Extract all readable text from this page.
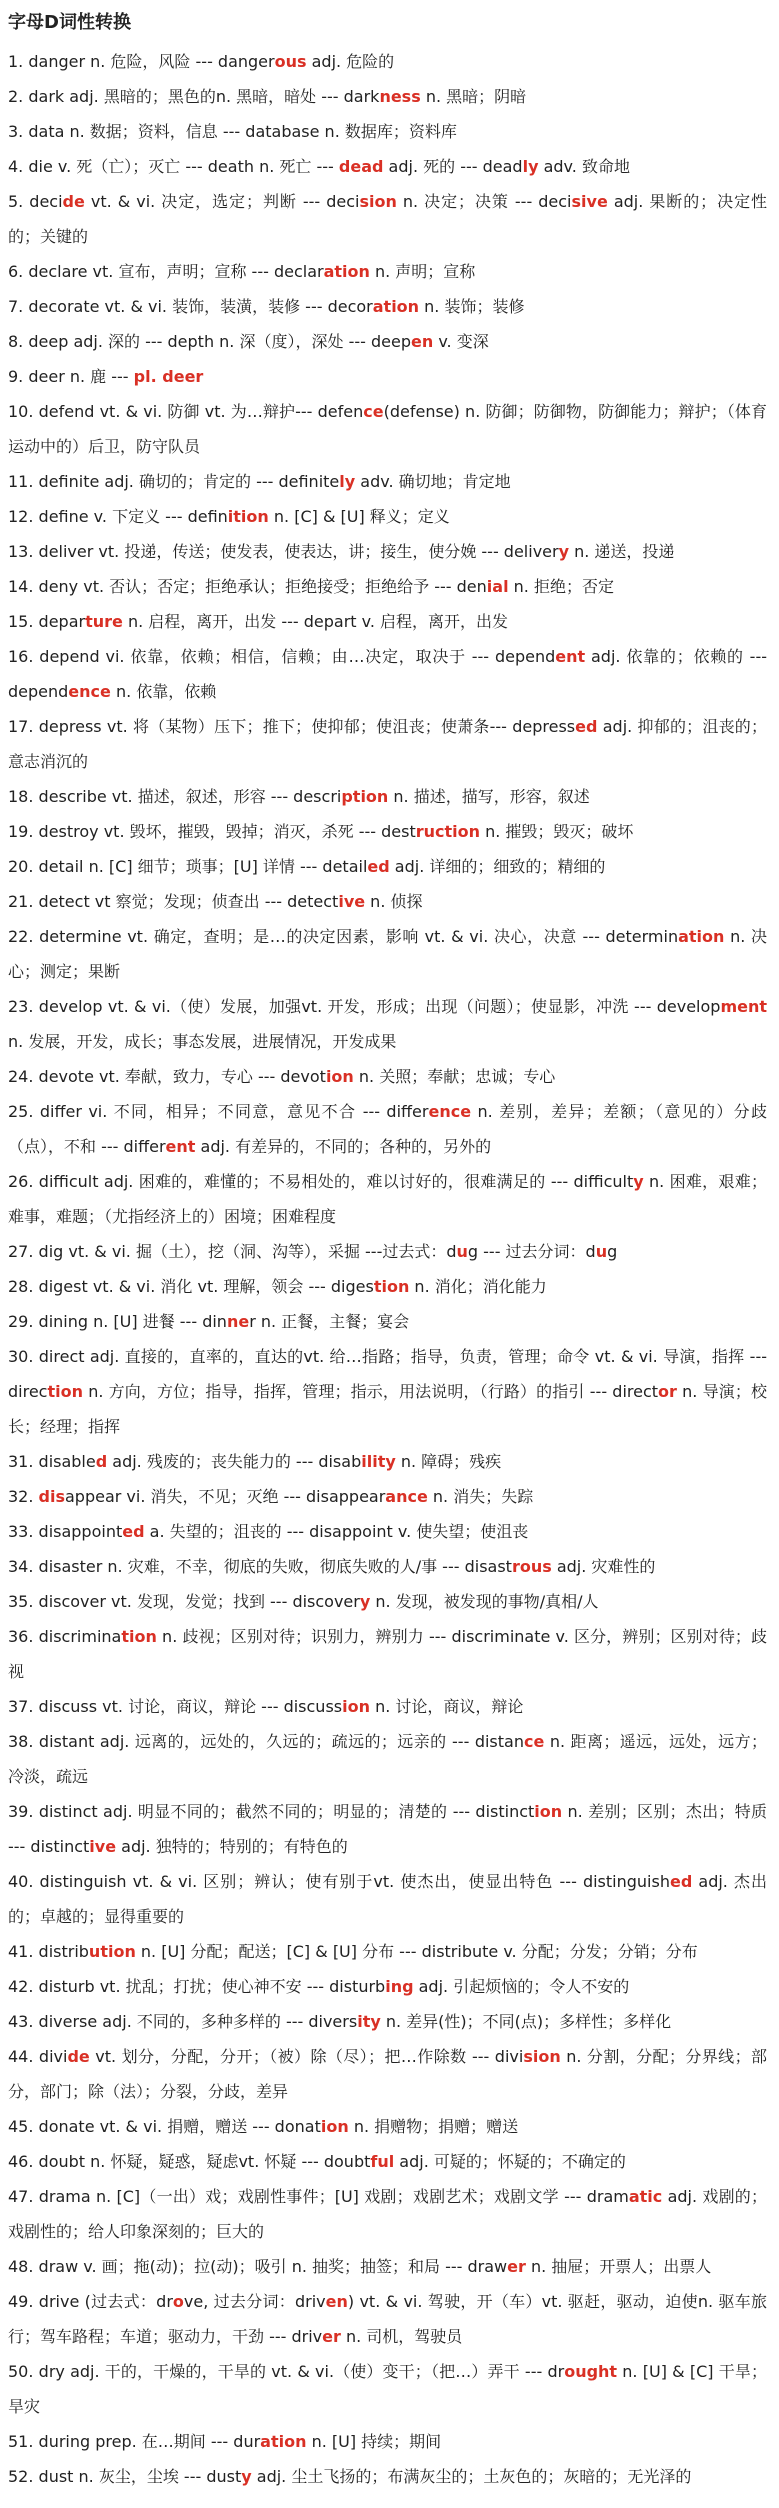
字母D词性转换
1. danger n. 危险，风险 --- dangerous adj. 危险的
2. dark adj. 黑暗的；黑色的n. 黑暗，暗处 --- darkness n. 黑暗；阴暗
3. data n. 数据；资料，信息 --- database n. 数据库；资料库
4. die v. 死（亡）；灭亡 --- death n. 死亡 --- dead adj. 死的 --- deadly adv. 致命地
5. decide vt. & vi. 决定，选定；判断 --- decision n. 决定；决策 --- decisive adj. 果断的；决定性的；关键的
6. declare vt. 宣布，声明；宣称 --- declaration n. 声明；宣称
7. decorate vt. & vi. 装饰，装潢，装修 --- decoration n. 装饰；装修
8. deep adj. 深的 --- depth n. 深（度），深处 --- deepen v. 变深
9. deer n. 鹿 --- pl. deer
10. defend vt. & vi. 防御 vt. 为…辩护--- defence(defense) n. 防御；防御物，防御能力；辩护；（体育运动中的）后卫，防守队员
11. definite adj. 确切的；肯定的 --- definitely adv. 确切地；肯定地
12. define v. 下定义 --- definition n. [C] & [U] 释义；定义
13. deliver vt. 投递，传送；使发表，使表达，讲；接生，使分娩 --- delivery n. 递送，投递
14. deny vt. 否认；否定；拒绝承认；拒绝接受；拒绝给予 --- denial n. 拒绝；否定
15. departure n. 启程，离开，出发 --- depart v. 启程，离开，出发
16. depend vi. 依靠，依赖；相信，信赖；由…决定，取决于 --- dependent adj. 依靠的；依赖的 --- dependence n. 依靠，依赖
17. depress vt. 将（某物）压下；推下；使抑郁；使沮丧；使萧条--- depressed adj. 抑郁的；沮丧的；意志消沉的
18. describe vt. 描述，叙述，形容 --- description n. 描述，描写，形容，叙述
19. destroy vt. 毁坏，摧毁，毁掉；消灭，杀死 --- destruction n. 摧毁；毁灭；破坏
20. detail n. [C] 细节；琐事；[U] 详情 --- detailed adj. 详细的；细致的；精细的
21. detect vt 察觉；发现；侦查出 --- detective n. 侦探
22. determine vt. 确定，查明；是…的决定因素，影响 vt. & vi. 决心，决意 --- determination n. 决心；测定；果断
23. develop vt. & vi.（使）发展，加强vt. 开发，形成；出现（问题）；使显影，冲洗 --- development n. 发展，开发，成长；事态发展，进展情况，开发成果
24. devote vt. 奉献，致力，专心 --- devotion n. 关照；奉献；忠诚；专心
25. differ vi. 不同，相异；不同意，意见不合 --- difference n. 差别，差异；差额；（意见的）分歧（点），不和 --- different adj. 有差异的，不同的；各种的，另外的
26. difficult adj. 困难的，难懂的；不易相处的，难以讨好的，很难满足的 --- difficulty n. 困难，艰难；难事，难题；（尤指经济上的）困境；困难程度
27. dig vt. & vi. 掘（土），挖（洞、沟等），采掘 ---过去式：dug --- 过去分词：dug
28. digest vt. & vi. 消化 vt. 理解，领会 --- digestion n. 消化；消化能力
29. dining n. [U] 进餐 --- dinner n. 正餐，主餐；宴会
30. direct adj. 直接的，直率的，直达的vt. 给…指路；指导，负责，管理；命令 vt. & vi. 导演，指挥 --- direction n. 方向，方位；指导，指挥，管理；指示，用法说明，（行路）的指引 --- director n. 导演；校长；经理；指挥
31. disabled adj. 残废的；丧失能力的 --- disability n. 障碍；残疾
32. disappear vi. 消失，不见；灭绝 --- disappearance n. 消失；失踪
33. disappointed a. 失望的；沮丧的 --- disappoint v. 使失望；使沮丧
34. disaster n. 灾难，不幸，彻底的失败，彻底失败的人/事 --- disastrous adj. 灾难性的
35. discover vt. 发现，发觉；找到 --- discovery n. 发现，被发现的事物/真相/人
36. discrimination n. 歧视；区别对待；识别力，辨别力 --- discriminate v. 区分，辨别；区别对待；歧视
37. discuss vt. 讨论，商议，辩论 --- discussion n. 讨论，商议，辩论
38. distant adj. 远离的，远处的，久远的；疏远的；远亲的 --- distance n. 距离；遥远，远处，远方；冷淡，疏远
39. distinct adj. 明显不同的；截然不同的；明显的；清楚的 --- distinction n. 差别；区别；杰出；特质 --- distinctive adj. 独特的；特别的；有特色的
40. distinguish vt. & vi. 区别；辨认；使有别于vt. 使杰出，使显出特色 --- distinguished adj. 杰出的；卓越的；显得重要的
41. distribution n. [U] 分配；配送；[C] & [U] 分布 --- distribute v. 分配；分发；分销；分布
42. disturb vt. 扰乱；打扰；使心神不安 --- disturbing adj. 引起烦恼的；令人不安的
43. diverse adj. 不同的，多种多样的 --- diversity n. 差异(性)；不同(点)；多样性；多样化
44. divide vt. 划分，分配，分开；（被）除（尽）；把…作除数 --- division n. 分割，分配；分界线；部分，部门；除（法）；分裂，分歧，差异
45. donate vt. & vi. 捐赠，赠送 --- donation n. 捐赠物；捐赠；赠送
46. doubt n. 怀疑，疑惑，疑虑vt. 怀疑 --- doubtful adj. 可疑的；怀疑的；不确定的
47. drama n. [C]（一出）戏；戏剧性事件；[U] 戏剧；戏剧艺术；戏剧文学 --- dramatic adj. 戏剧的；戏剧性的；给人印象深刻的；巨大的
48. draw v. 画；拖(动)；拉(动)；吸引 n. 抽奖；抽签；和局 --- drawer n. 抽屉；开票人；出票人
49. drive (过去式：drove, 过去分词：driven) vt. & vi. 驾驶，开（车）vt. 驱赶，驱动，迫使n. 驱车旅行；驾车路程；车道；驱动力，干劲 --- driver n. 司机，驾驶员
50. dry adj. 干的，干燥的，干旱的 vt. & vi.（使）变干；（把…）弄干 --- drought n. [U] & [C] 干旱；旱灾
51. during prep. 在…期间 --- duration n. [U] 持续；期间
52. dust n. 灰尘，尘埃 --- dusty adj. 尘土飞扬的；布满灰尘的；土灰色的；灰暗的；无光泽的
